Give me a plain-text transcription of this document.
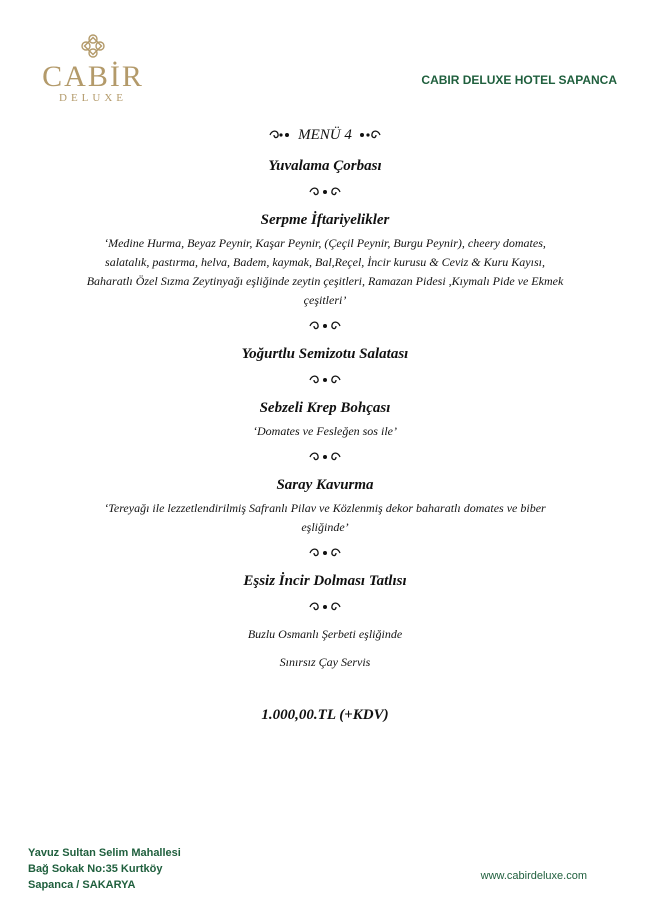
CABİR
DELUXE
CABIR DELUXE HOTEL SAPANCA
MENÜ 4
Yuvalama Çorbası
Serpme İftariyelikler
‘Medine Hurma, Beyaz Peynir, Kaşar Peynir, (Çeçil Peynir, Burgu Peynir), cheery domates, salatalık, pastırma, helva, Badem, kaymak, Bal,Reçel, İncir kurusu & Ceviz & Kuru Kayısı, Baharatlı Özel Sızma Zeytinyağı eşliğinde zeytin çeşitleri, Ramazan Pidesi ,Kıymalı Pide ve Ekmek çeşitleri’
Yoğurtlu Semizotu Salatası
Sebzeli Krep Bohçası
‘Domates ve Fesleğen sos ile’
Saray Kavurma
‘Tereyağı ile lezzetlendirilmiş Safranlı Pilav ve Közlenmiş dekor baharatlı domates ve biber eşliğinde’
Eşsiz İncir Dolması Tatlısı
Buzlu Osmanlı Şerbeti eşliğinde
Sınırsız Çay Servis
1.000,00.TL (+KDV)
Yavuz Sultan Selim Mahallesi
Bağ Sokak No:35 Kurtköy
Sapanca / SAKARYA
www.cabirdeluxe.com
